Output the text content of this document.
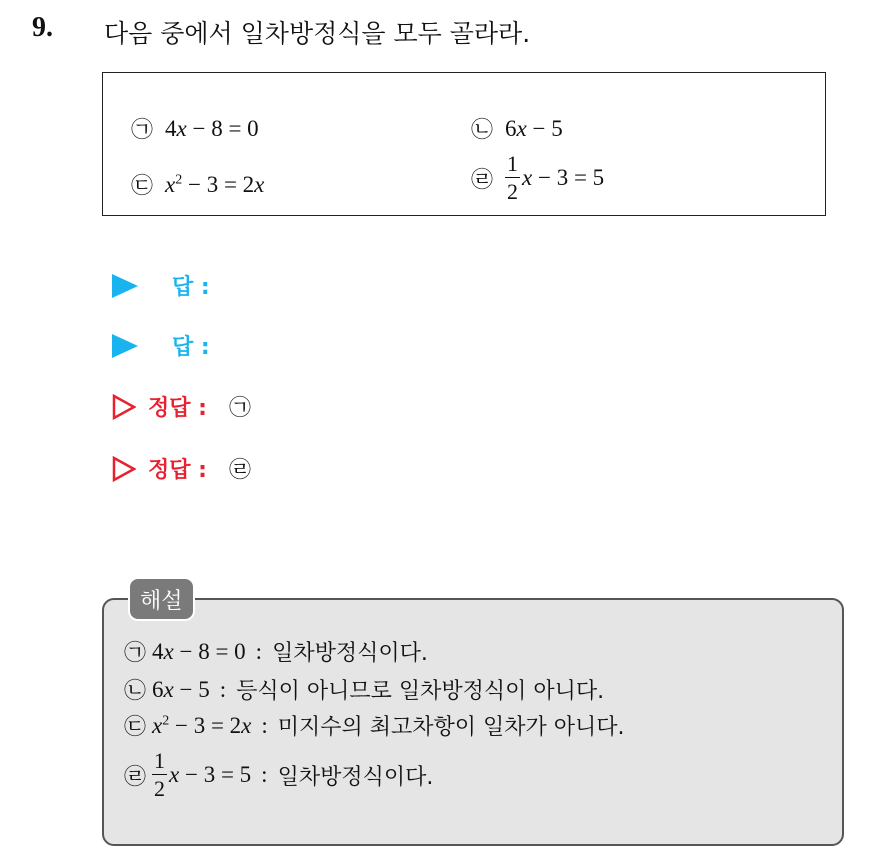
9. 다음 중에서 일차방정식을 모두 골라라.
㉠ 4x − 8 = 0	㉡ 6x − 5
㉢ $x^2 - 3 = 2x$	㉣ $\frac{1}{2}$ x − 3 = 5
답 :
답 :
정답 : ㉠
정답 : ㉣
해설
㉠ 4x − 8 = 0 : 일차방정식이다.
㉡ 6x − 5 : 등식이 아니므로 일차방정식이 아니다.
㉢ $x^2 - 3 = 2x$ : 미지수의 최고차항이 일차가 아니다.
㉣ $\frac{1}{2}$ x − 3 = 5 : 일차방정식이다.
